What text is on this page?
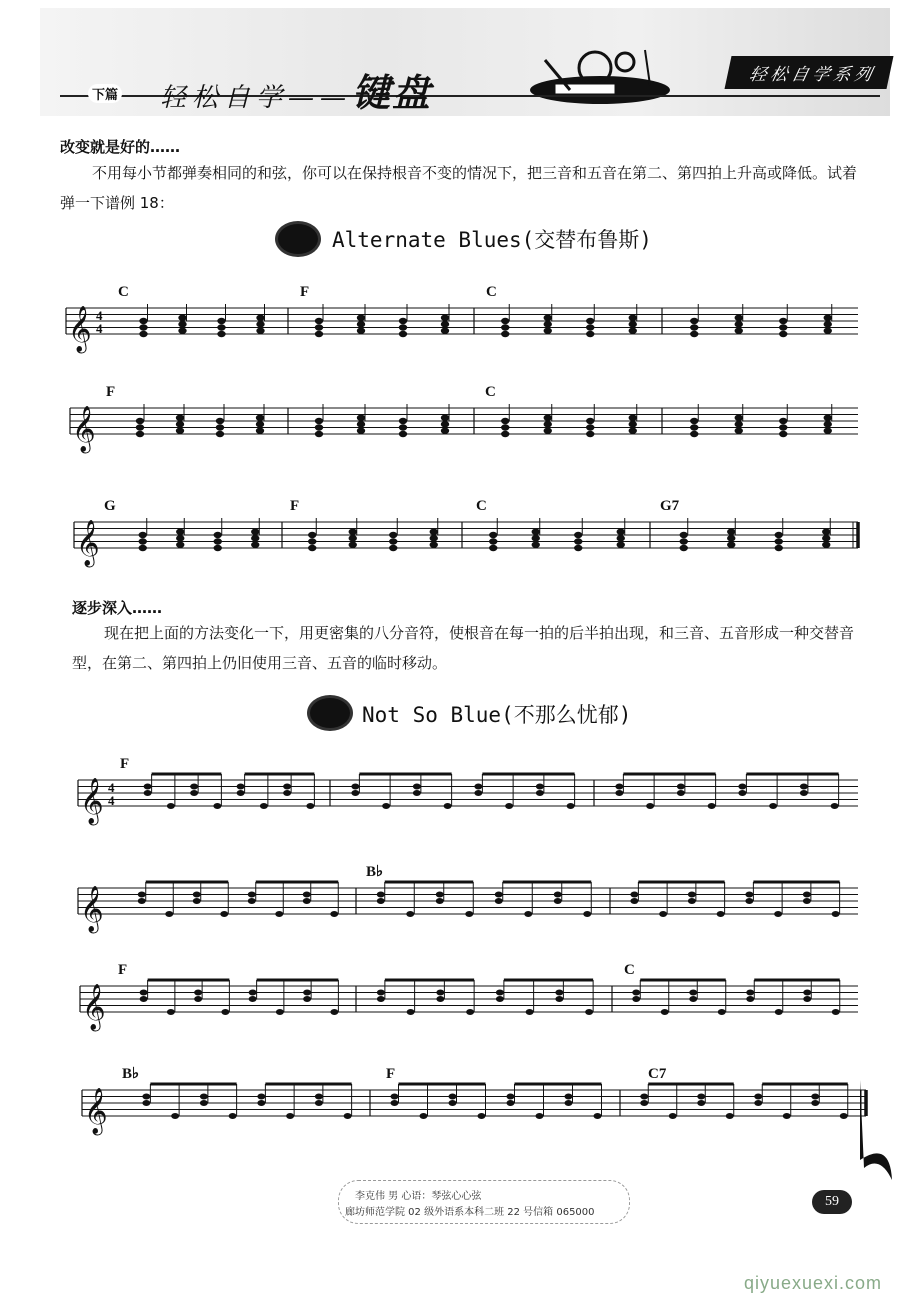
下篇 轻松自学——键盘	轻松自学系列
改变就是好的……
不用每小节都弹奏相同的和弦，你可以在保持根音不变的情况下，把三音和五音在第二、第四拍上升高或降低。试着弹一下谱例 18：
Alternate Blues(交替布鲁斯)
逐步深入……
现在把上面的方法变化一下，用更密集的八分音符，使根音在每一拍的后半拍出现，和三音、五音形成一种交替音型，在第二、第四拍上仍旧使用三音、五音的临时移动。
Not So Blue(不那么忧郁)
𝄞 4
4
C	F	C
𝄞
F	C
𝄞
G	F	C	G7
𝄞 4
4
F
𝄞
B♭
𝄞
F	C
𝄞
B♭	F	C7
李克伟 男 心语：琴弦心心弦
廊坊师范学院 02 级外语系本科二班 22 号信箱 065000
59
qiyuexuexi.com
